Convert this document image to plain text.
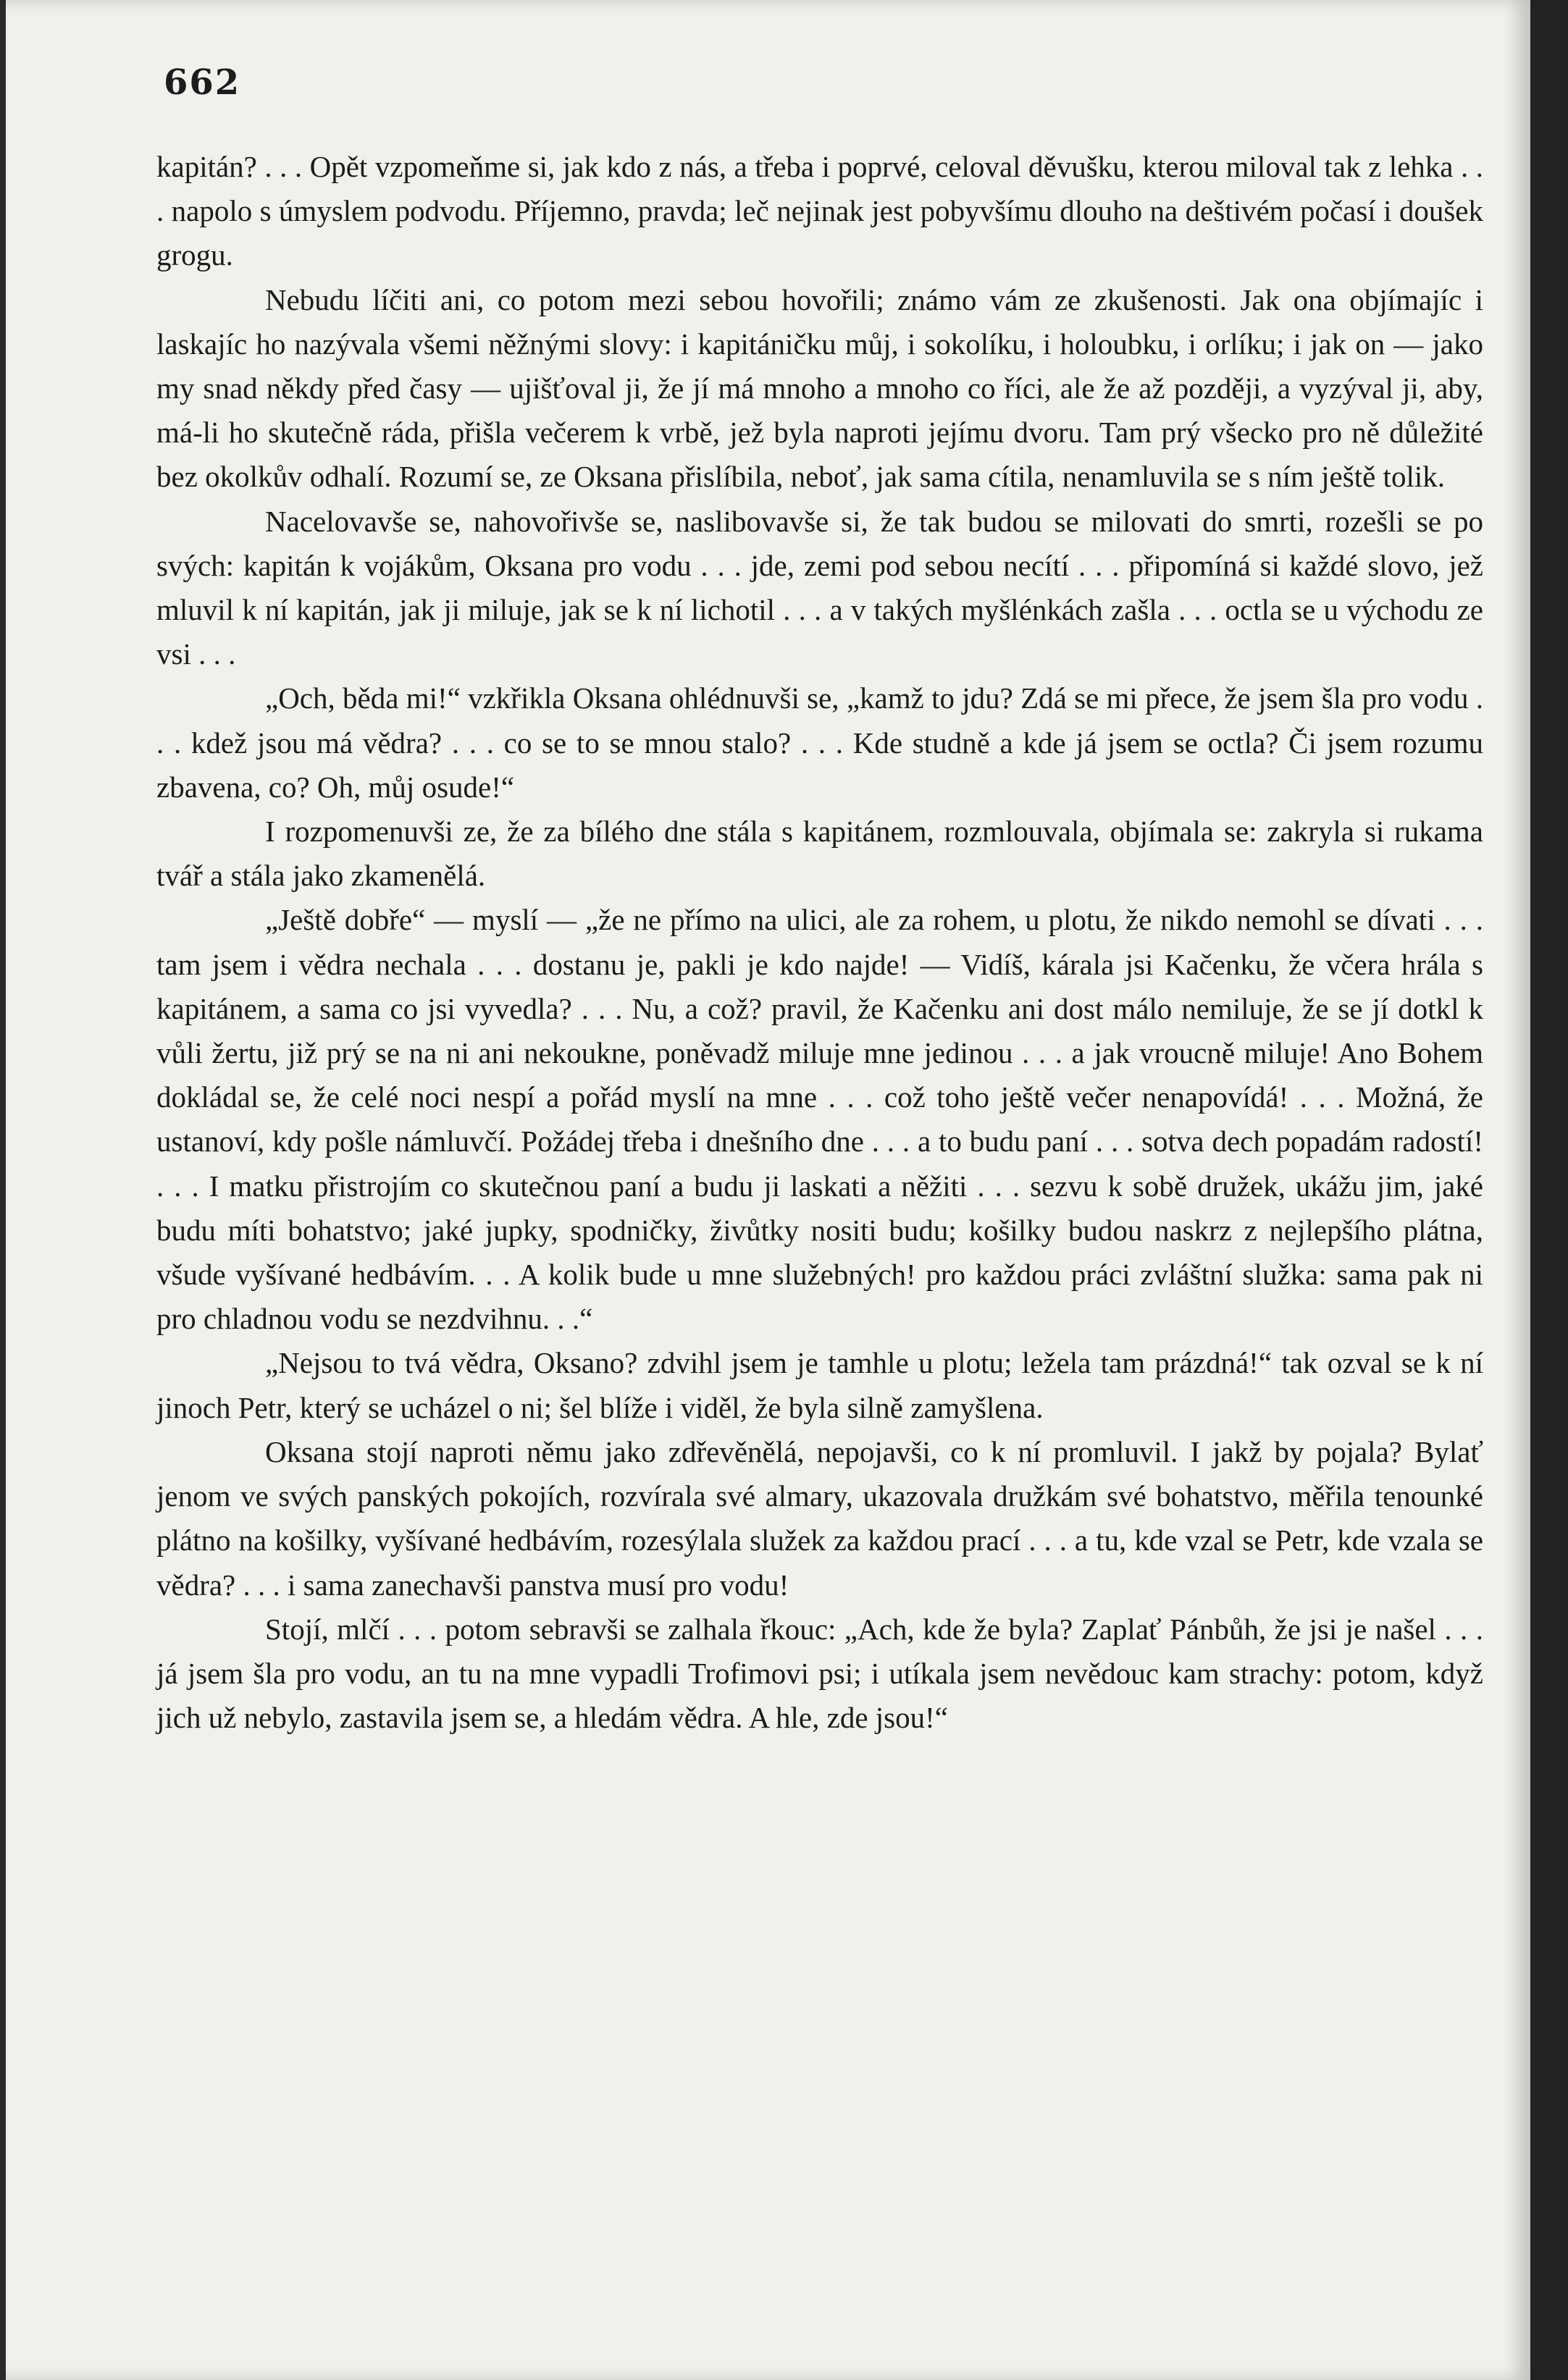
662

kapitán? . . . Opět vzpomeňme si, jak kdo z nás, a třeba i poprvé, celoval děvušku, kterou miloval tak z lehka . . . napolo s úmyslem podvodu. Příjemno, pravda; leč nejinak jest pobyvšímu dlouho na deštivém počasí i doušek grogu.

Nebudu líčiti ani, co potom mezi sebou hovořili; známo vám ze zkušenosti. Jak ona objímajíc i laskajíc ho nazývala všemi něžnými slovy: i kapitáničku můj, i sokolíku, i holoubku, i orlíku; i jak on — jako my snad někdy před časy — ujišťoval ji, že jí má mnoho a mnoho co říci, ale že až později, a vyzýval ji, aby, má-li ho skutečně ráda, přišla večerem k vrbě, jež byla naproti jejímu dvoru. Tam prý všecko pro ně důležité bez okolkův odhalí. Rozumí se, ze Oksana přislíbila, neboť, jak sama cítila, nenamluvila se s ním ještě tolik.

Nacelovavše se, nahovořivše se, naslibovavše si, že tak budou se milovati do smrti, rozešli se po svých: kapitán k vojákům, Oksana pro vodu . . . jde, zemi pod sebou necítí . . . připomíná si každé slovo, jež mluvil k ní kapitán, jak ji miluje, jak se k ní lichotil . . . a v takých myšlénkách zašla . . . octla se u východu ze vsi . . .

„Och, běda mi!“ vzkřikla Oksana ohlédnuvši se, „kamž to jdu? Zdá se mi přece, že jsem šla pro vodu . . . kdež jsou má vědra? . . . co se to se mnou stalo? . . . Kde studně a kde já jsem se octla? Či jsem rozumu zbavena, co? Oh, můj osude!“

I rozpomenuvši ze, že za bílého dne stála s kapitánem, rozmlouvala, objímala se: zakryla si rukama tvář a stála jako zkamenělá.

„Ještě dobře“ — myslí — „že ne přímo na ulici, ale za rohem, u plotu, že nikdo nemohl se dívati . . . tam jsem i vědra nechala . . . dostanu je, pakli je kdo najde! — Vidíš, kárala jsi Kačenku, že včera hrála s kapitánem, a sama co jsi vyvedla? . . . Nu, a což? pravil, že Kačenku ani dost málo nemiluje, že se jí dotkl k vůli žertu, již prý se na ni ani nekoukne, poněvadž miluje mne jedinou . . . a jak vroucně miluje! Ano Bohem dokládal se, že celé noci nespí a pořád myslí na mne . . . což toho ještě večer nenapovídá! . . . Možná, že ustanoví, kdy pošle námluvčí. Požádej třeba i dnešního dne . . . a to budu paní . . . sotva dech popadám radostí! . . . I matku přistrojím co skutečnou paní a budu ji laskati a něžiti . . . sezvu k sobě družek, ukážu jim, jaké budu míti bohatstvo; jaké jupky, spodničky, živůtky nositi budu; košilky budou naskrz z nejlepšího plátna, všude vyšívané hedbávím. . . A kolik bude u mne služebných! pro každou práci zvláštní služka: sama pak ni pro chladnou vodu se nezdvihnu. . .“

„Nejsou to tvá vědra, Oksano? zdvihl jsem je tamhle u plotu; ležela tam prázdná!“ tak ozval se k ní jinoch Petr, který se ucházel o ni; šel blíže i viděl, že byla silně zamyšlena.

Oksana stojí naproti němu jako zdřevěnělá, nepojavši, co k ní promluvil. I jakž by pojala? Bylať jenom ve svých panských pokojích, rozvírala své almary, ukazovala družkám své bohatstvo, měřila tenounké plátno na košilky, vyšívané hedbávím, rozesýlala služek za každou prací . . . a tu, kde vzal se Petr, kde vzala se vědra? . . . i sama zanechavši panstva musí pro vodu!

Stojí, mlčí . . . potom sebravši se zalhala řkouc: „Ach, kde že byla? Zaplať Pánbůh, že jsi je našel . . . já jsem šla pro vodu, an tu na mne vypadli Trofimovi psi; i utíkala jsem nevědouc kam strachy: potom, když jich už nebylo, zastavila jsem se, a hledám vědra. A hle, zde jsou!“
